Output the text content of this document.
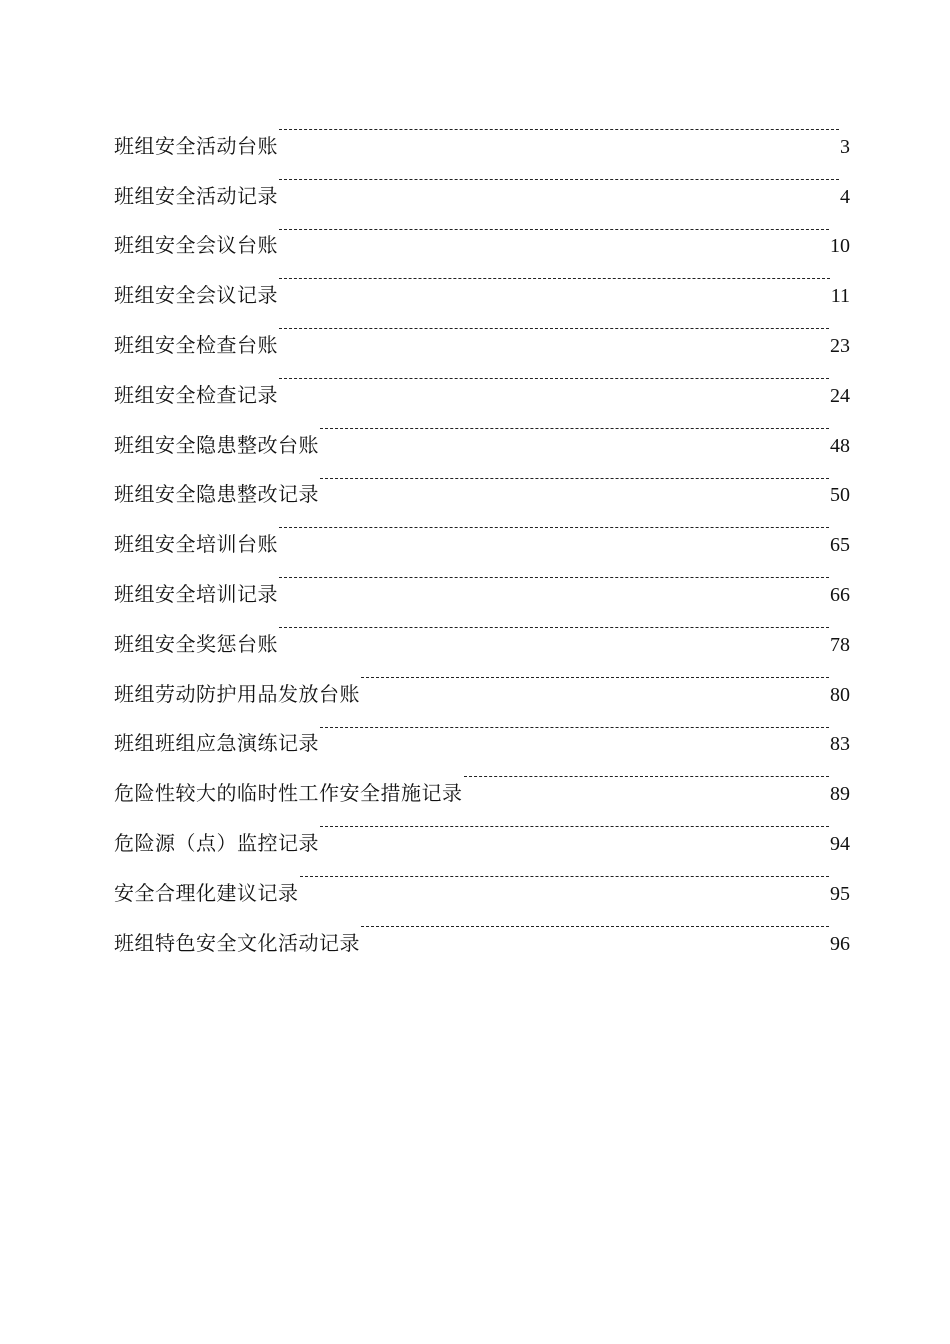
班组安全活动台账	3
班组安全活动记录	4
班组安全会议台账	10
班组安全会议记录	11
班组安全检查台账	23
班组安全检查记录	24
班组安全隐患整改台账	48
班组安全隐患整改记录	50
班组安全培训台账	65
班组安全培训记录	66
班组安全奖惩台账	78
班组劳动防护用品发放台账	80
班组班组应急演练记录	83
危险性较大的临时性工作安全措施记录	89
危险源（点）监控记录	94
安全合理化建议记录	95
班组特色安全文化活动记录	96
